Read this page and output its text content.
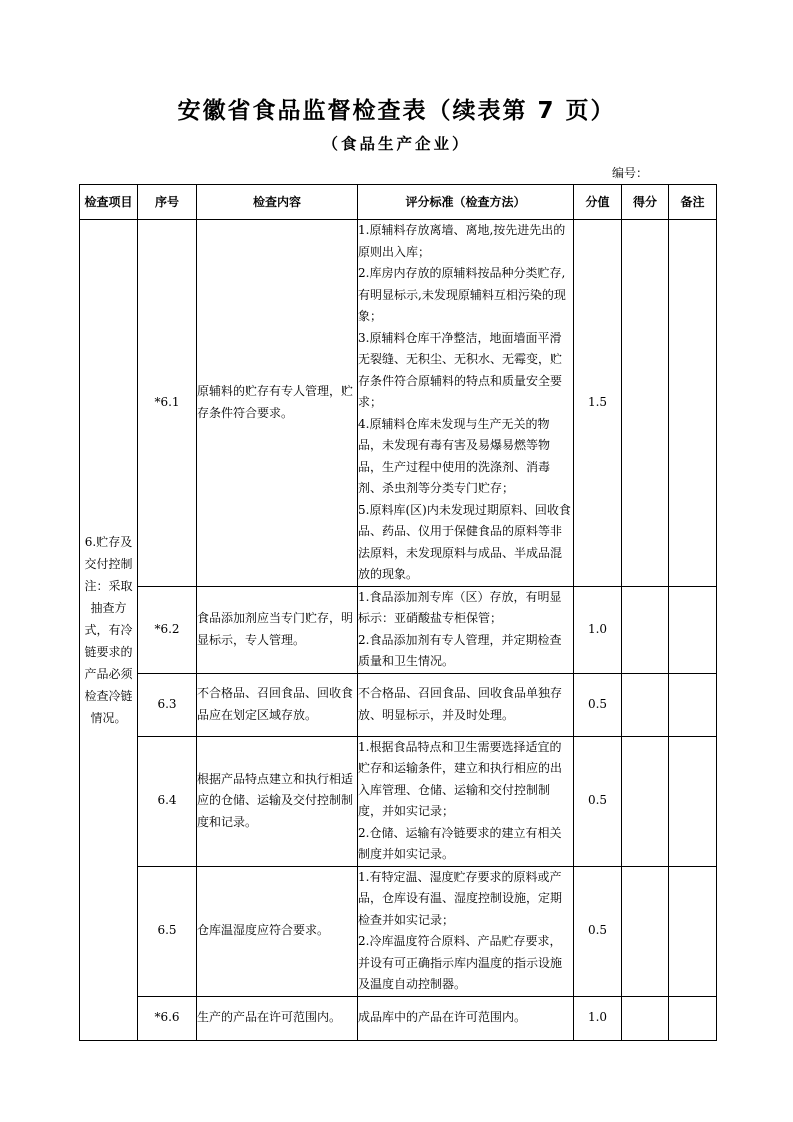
安徽省食品监督检查表（续表第 7 页）
（食品生产企业）
编号：
检查项目	序号	检查内容	评分标准（检查方法）	分值	得分	备注
6.贮存及交付控制注：采取抽查方式，有冷链要求的产品必须检查冷链情况。	*6.1	原辅料的贮存有专人管理，贮存条件符合要求。	1.原辅料存放离墙、离地,按先进先出的原则出入库；
2.库房内存放的原辅料按品种分类贮存,有明显标示,未发现原辅料互相污染的现象；
3.原辅料仓库干净整洁，地面墙面平滑无裂缝、无积尘、无积水、无霉变，贮存条件符合原辅料的特点和质量安全要求；
4.原辅料仓库未发现与生产无关的物品，未发现有毒有害及易爆易燃等物品，生产过程中使用的洗涤剂、消毒剂、杀虫剂等分类专门贮存；
5.原料库(区)内未发现过期原料、回收食品、药品、仪用于保健食品的原料等非法原料，未发现原料与成品、半成品混放的现象。	1.5		
	*6.2	食品添加剂应当专门贮存，明显标示，专人管理。	1.食品添加剂专库（区）存放，有明显标示：亚硝酸盐专柜保管；
2.食品添加剂有专人管理，并定期检查质量和卫生情况。	1.0		
	6.3	不合格品、召回食品、回收食品应在划定区域存放。	不合格品、召回食品、回收食品单独存放、明显标示，并及时处理。	0.5		
	6.4	根据产品特点建立和执行相适应的仓储、运输及交付控制制度和记录。	1.根据食品特点和卫生需要选择适宜的贮存和运输条件，建立和执行相应的出入库管理、仓储、运输和交付控制制度，并如实记录；
2.仓储、运输有冷链要求的建立有相关制度并如实记录。	0.5		
	6.5	仓库温湿度应符合要求。	1.有特定温、湿度贮存要求的原料或产品，仓库设有温、湿度控制设施，定期检查并如实记录；
2.冷库温度符合原料、产品贮存要求，并设有可正确指示库内温度的指示设施及温度自动控制器。	0.5		
	*6.6	生产的产品在许可范围内。	成品库中的产品在许可范围内。	1.0		
